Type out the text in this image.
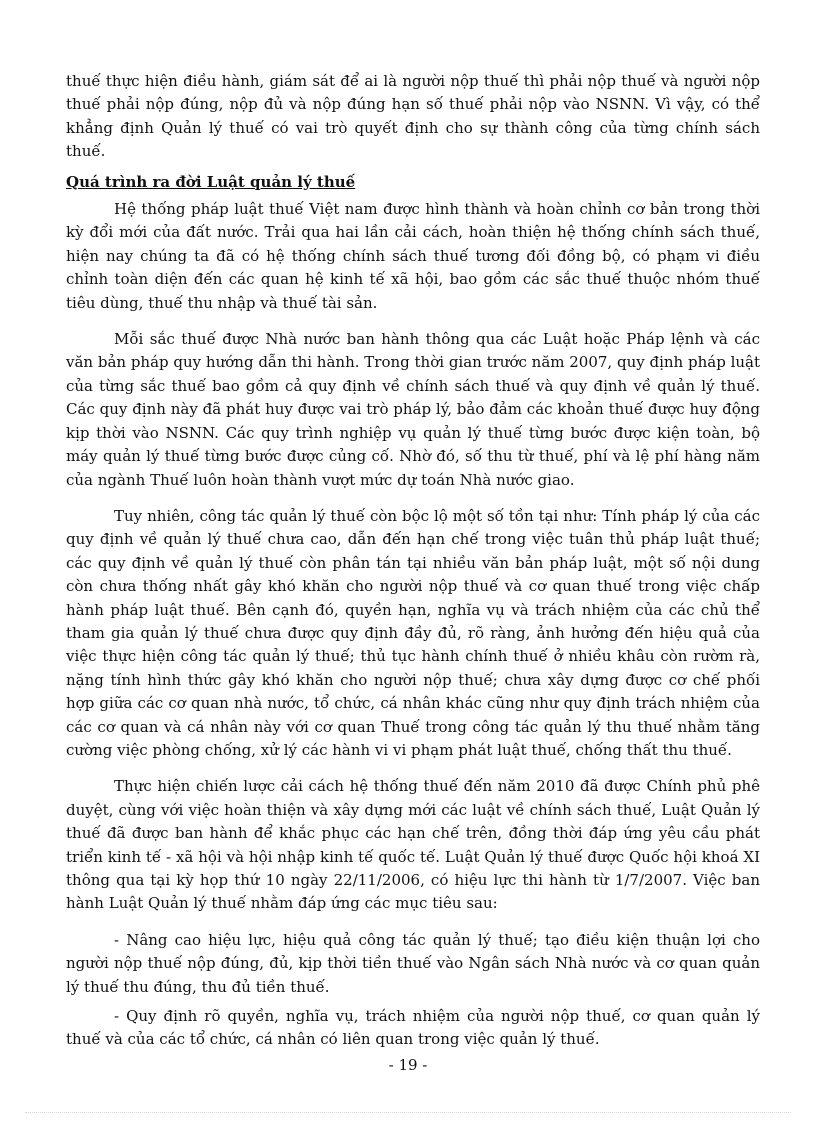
thuế thực hiện điều hành, giám sát để ai là người nộp thuế thì phải nộp thuế và người nộp thuế phải nộp đúng, nộp đủ và nộp đúng hạn số thuế phải nộp vào NSNN. Vì vậy, có thể khẳng định Quản lý thuế có vai trò quyết định cho sự thành công của từng chính sách thuế.

Quá trình ra đời Luật quản lý thuế

Hệ thống pháp luật thuế Việt nam được hình thành và hoàn chỉnh cơ bản trong thời kỳ đổi mới của đất nước. Trải qua hai lần cải cách, hoàn thiện hệ thống chính sách thuế, hiện nay chúng ta đã có hệ thống chính sách thuế tương đối đồng bộ, có phạm vi điều chỉnh toàn diện đến các quan hệ kinh tế xã hội, bao gồm các sắc thuế thuộc nhóm thuế tiêu dùng, thuế thu nhập và thuế tài sản.

Mỗi sắc thuế được Nhà nước ban hành thông qua các Luật hoặc Pháp lệnh và các văn bản pháp quy hướng dẫn thi hành. Trong thời gian trước năm 2007, quy định pháp luật của từng sắc thuế bao gồm cả quy định về chính sách thuế và quy định về quản lý thuế. Các quy định này đã phát huy được vai trò pháp lý, bảo đảm các khoản thuế được huy động kịp thời vào NSNN. Các quy trình nghiệp vụ quản lý thuế từng bước được kiện toàn, bộ máy quản lý thuế từng bước được củng cố. Nhờ đó, số thu từ thuế, phí và lệ phí hàng năm của ngành Thuế luôn hoàn thành vượt mức dự toán Nhà nước giao.

Tuy nhiên, công tác quản lý thuế còn bộc lộ một số tồn tại như: Tính pháp lý của các quy định về quản lý thuế chưa cao, dẫn đến hạn chế trong việc tuân thủ pháp luật thuế; các quy định về quản lý thuế còn phân tán tại nhiều văn bản pháp luật, một số nội dung còn chưa thống nhất gây khó khăn cho người nộp thuế và cơ quan thuế trong việc chấp hành pháp luật thuế. Bên cạnh đó, quyền hạn, nghĩa vụ và trách nhiệm của các chủ thể tham gia quản lý thuế chưa được quy định đầy đủ, rõ ràng, ảnh hưởng đến hiệu quả của việc thực hiện công tác quản lý thuế; thủ tục hành chính thuế ở nhiều khâu còn rườm rà, nặng tính hình thức gây khó khăn cho người nộp thuế; chưa xây dựng được cơ chế phối hợp giữa các cơ quan nhà nước, tổ chức, cá nhân khác cũng như quy định trách nhiệm của các cơ quan và cá nhân này với cơ quan Thuế trong công tác quản lý thu thuế nhằm tăng cường việc phòng chống, xử lý các hành vi vi phạm phát luật thuế, chống thất thu thuế.

Thực hiện chiến lược cải cách hệ thống thuế đến năm 2010 đã được Chính phủ phê duyệt, cùng với việc hoàn thiện và xây dựng mới các luật về chính sách thuế, Luật Quản lý thuế đã được ban hành để khắc phục các hạn chế trên, đồng thời đáp ứng yêu cầu phát triển kinh tế - xã hội và hội nhập kinh tế quốc tế. Luật Quản lý thuế được Quốc hội khoá XI thông qua tại kỳ họp thứ 10 ngày 22/11/2006, có hiệu lực thi hành từ 1/7/2007. Việc ban hành Luật Quản lý thuế nhằm đáp ứng các mục tiêu sau:

- Nâng cao hiệu lực, hiệu quả công tác quản lý thuế; tạo điều kiện thuận lợi cho người nộp thuế nộp đúng, đủ, kịp thời tiền thuế vào Ngân sách Nhà nước và cơ quan quản lý thuế thu đúng, thu đủ tiền thuế.

- Quy định rõ quyền, nghĩa vụ, trách nhiệm của người nộp thuế, cơ quan quản lý thuế và của các tổ chức, cá nhân có liên quan trong việc quản lý thuế.

- 19 -
